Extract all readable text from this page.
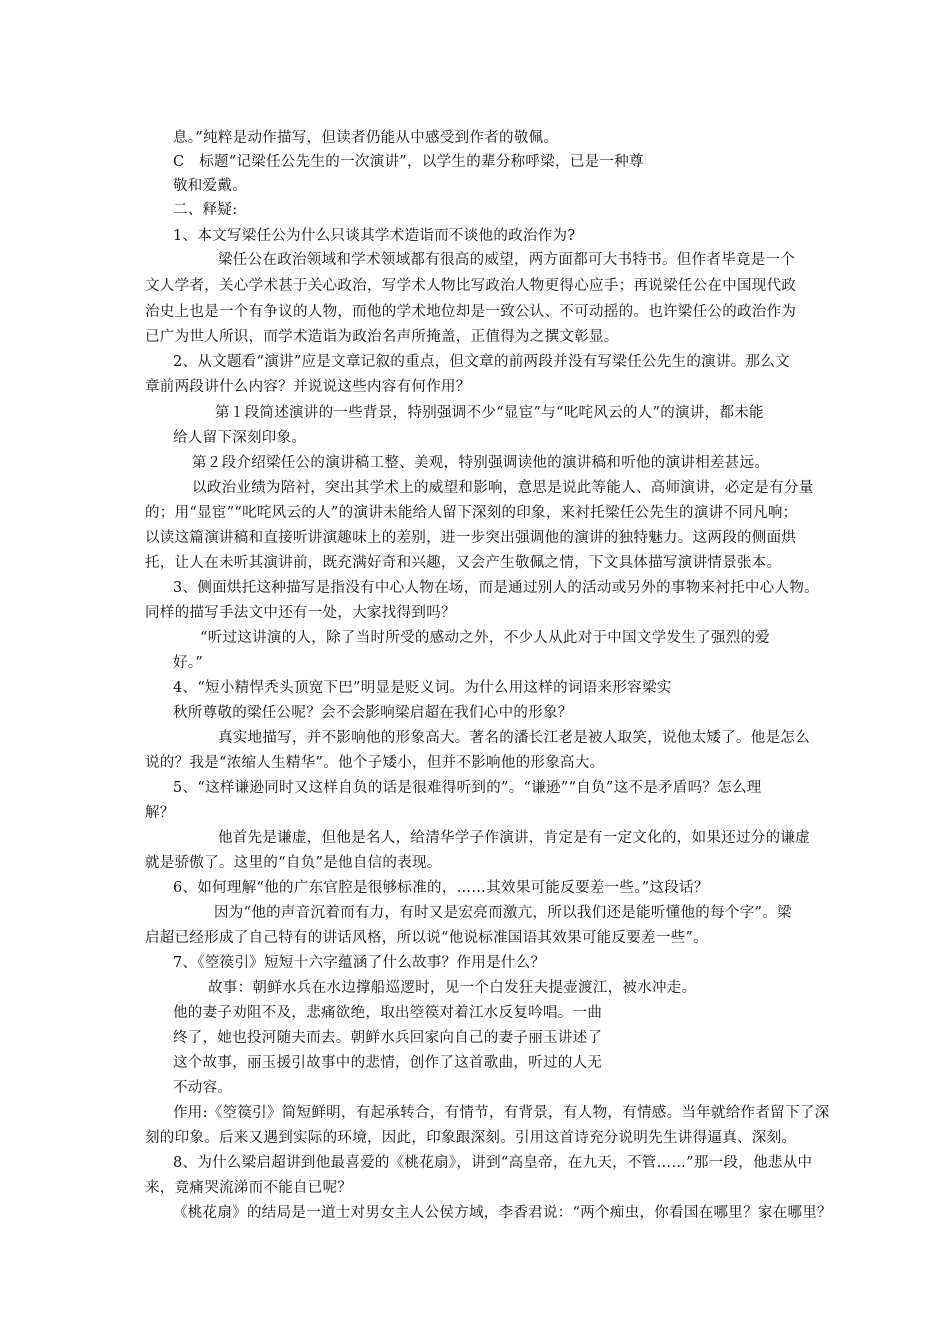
息。”纯粹是动作描写，但读者仍能从中感受到作者的敬佩。
C　标题“记梁任公先生的一次演讲”，以学生的辈分称呼梁，已是一种尊
敬和爱戴。
二、释疑:
1、本文写梁任公为什么只谈其学术造诣而不谈他的政治作为?
梁任公在政治领域和学术领域都有很高的威望，两方面都可大书特书。但作者毕竟是一个
文人学者，关心学术甚于关心政治，写学术人物比写政治人物更得心应手；再说梁任公在中国现代政
治史上也是一个有争议的人物，而他的学术地位却是一致公认、不可动摇的。也许梁任公的政治作为
已广为世人所识，而学术造诣为政治名声所掩盖，正值得为之撰文彰显。
2、从文题看“演讲”应是文章记叙的重点，但文章的前两段并没有写梁任公先生的演讲。那么文
章前两段讲什么内容？并说说这些内容有何作用？
第１段简述演讲的一些背景，特别强调不少“显宦”与“叱咤风云的人”的演讲，都未能
给人留下深刻印象。
第２段介绍梁任公的演讲稿工整、美观，特别强调读他的演讲稿和听他的演讲相差甚远。
以政治业绩为陪衬，突出其学术上的威望和影响，意思是说此等能人、高师演讲，必定是有分量
的；用“显宦”“叱咤风云的人”的演讲未能给人留下深刻的印象，来衬托梁任公先生的演讲不同凡响；
以读这篇演讲稿和直接听讲演趣味上的差别，进一步突出强调他的演讲的独特魅力。这两段的侧面烘
托，让人在未听其演讲前，既充满好奇和兴趣，又会产生敬佩之情，下文具体描写演讲情景张本。
3、侧面烘托这种描写是指没有中心人物在场，而是通过别人的活动或另外的事物来衬托中心人物。
同样的描写手法文中还有一处，大家找得到吗？
“听过这讲演的人，除了当时所受的感动之外，不少人从此对于中国文学发生了强烈的爱
好。”
4、“短小精悍秃头顶宽下巴”明显是贬义词。为什么用这样的词语来形容梁实
秋所尊敬的梁任公呢？会不会影响梁启超在我们心中的形象？
真实地描写，并不影响他的形象高大。著名的潘长江老是被人取笑，说他太矮了。他是怎么
说的？我是“浓缩人生精华”。他个子矮小，但并不影响他的形象高大。
5、“这样谦逊同时又这样自负的话是很难得听到的”。“谦逊”“自负”这不是矛盾吗？怎么理
解？
他首先是谦虚，但他是名人，给清华学子作演讲，肯定是有一定文化的，如果还过分的谦虚
就是骄傲了。这里的“自负”是他自信的表现。
6、如何理解“他的广东官腔是很够标准的，……其效果可能反要差一些。”这段话？
因为“他的声音沉着而有力，有时又是宏亮而激亢，所以我们还是能听懂他的每个字”。梁
启超已经形成了自己特有的讲话风格，所以说“他说标准国语其效果可能反要差一些”。
7、《箜篌引》短短十六字蕴涵了什么故事？作用是什么？
故事：朝鲜水兵在水边撑船巡逻时，见一个白发狂夫提壶渡江，被水冲走。
他的妻子劝阻不及，悲痛欲绝，取出箜篌对着江水反复吟唱。一曲
终了，她也投河随夫而去。朝鲜水兵回家向自己的妻子丽玉讲述了
这个故事，丽玉援引故事中的悲情，创作了这首歌曲，听过的人无
不动容。
作用:《箜篌引》简短鲜明，有起承转合，有情节，有背景，有人物，有情感。当年就给作者留下了深
刻的印象。后来又遇到实际的环境，因此，印象跟深刻。引用这首诗充分说明先生讲得逼真、深刻。
8、为什么梁启超讲到他最喜爱的《桃花扇》，讲到“高皇帝，在九天，不管……”那一段，他悲从中
来，竟痛哭流涕而不能自已呢？
《桃花扇》的结局是一道士对男女主人公侯方域，李香君说：“两个痴虫，你看国在哪里？家在哪里？
